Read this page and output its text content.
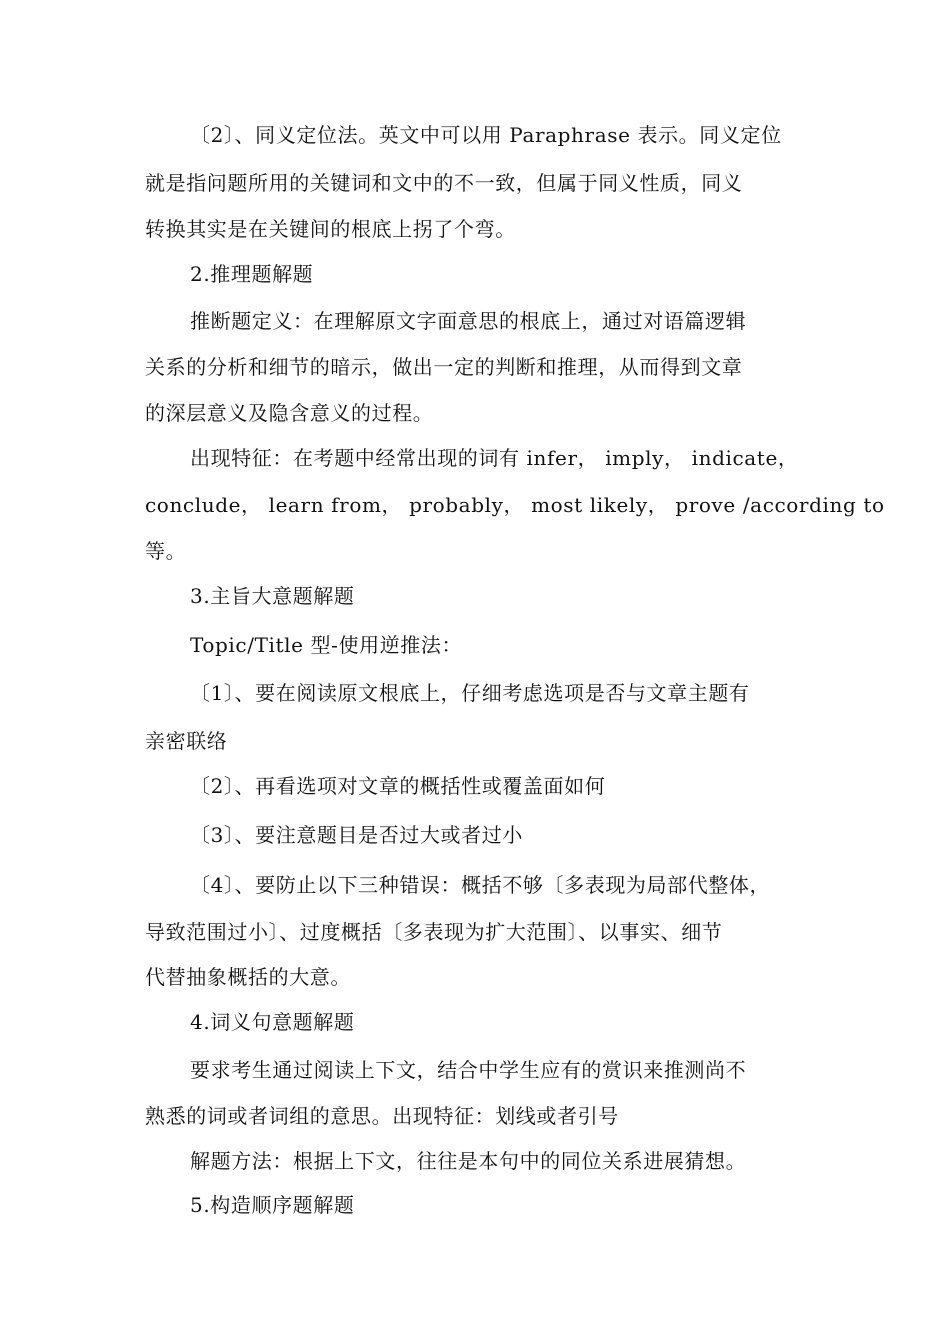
〔2〕、同义定位法。英文中可以用 Paraphrase 表示。同义定位
就是指问题所用的关键词和文中的不一致，但属于同义性质，同义
转换其实是在关键间的根底上拐了个弯。
2.推理题解题
推断题定义：在理解原文字面意思的根底上，通过对语篇逻辑
关系的分析和细节的暗示，做出一定的判断和推理，从而得到文章
的深层意义及隐含意义的过程。
出现特征：在考题中经常出现的词有 infer， imply， indicate，
conclude， learn from， probably， most likely， prove /according to
等。
3.主旨大意题解题
Topic/Title 型-使用逆推法：
〔1〕、要在阅读原文根底上，仔细考虑选项是否与文章主题有
亲密联络
〔2〕、再看选项对文章的概括性或覆盖面如何
〔3〕、要注意题目是否过大或者过小
〔4〕、要防止以下三种错误：概括不够〔多表现为局部代整体，
导致范围过小〕、过度概括〔多表现为扩大范围〕、以事实、细节
代替抽象概括的大意。
4.词义句意题解题
要求考生通过阅读上下文，结合中学生应有的赏识来推测尚不
熟悉的词或者词组的意思。出现特征：划线或者引号
解题方法：根据上下文，往往是本句中的同位关系进展猜想。
5.构造顺序题解题
